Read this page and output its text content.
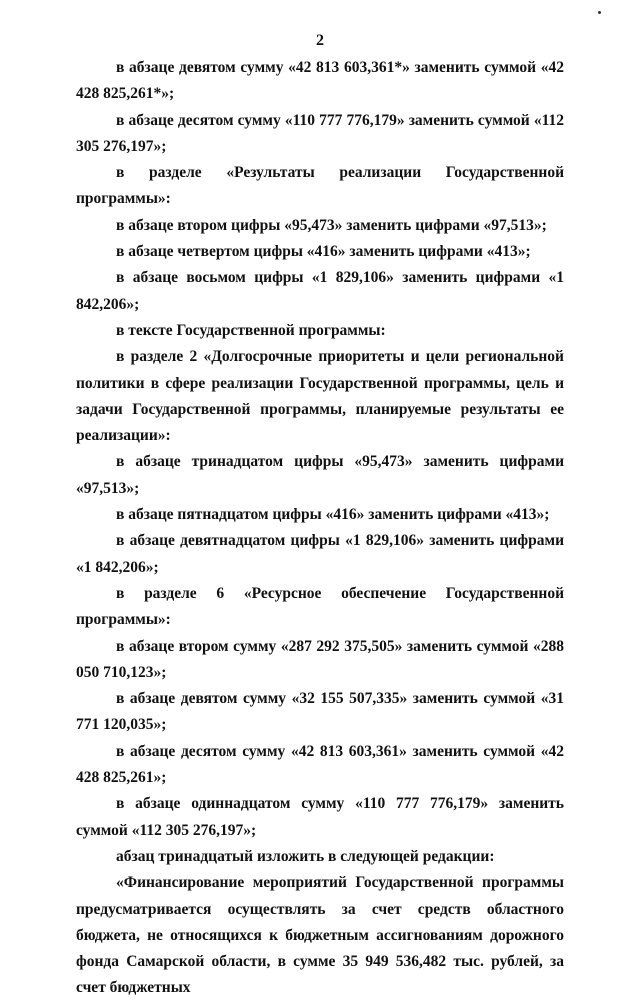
2

в абзаце девятом сумму «42 813 603,361*» заменить суммой «42 428 825,261*»;

в абзаце десятом сумму «110 777 776,179» заменить суммой «112 305 276,197»;

в разделе «Результаты реализации Государственной программы»:

в абзаце втором цифры «95,473» заменить цифрами «97,513»;

в абзаце четвертом цифры «416» заменить цифрами «413»;

в абзаце восьмом цифры «1 829,106» заменить цифрами «1 842,206»;

в тексте Государственной программы:

в разделе 2 «Долгосрочные приоритеты и цели региональной политики в сфере реализации Государственной программы, цель и задачи Государственной программы, планируемые результаты ее реализации»:

в абзаце тринадцатом цифры «95,473» заменить цифрами «97,513»;

в абзаце пятнадцатом цифры «416» заменить цифрами «413»;

в абзаце девятнадцатом цифры «1 829,106» заменить цифрами «1 842,206»;

в разделе 6 «Ресурсное обеспечение Государственной программы»:

в абзаце втором сумму «287 292 375,505» заменить суммой «288 050 710,123»;

в абзаце девятом сумму «32 155 507,335» заменить суммой «31 771 120,035»;

в абзаце десятом сумму «42 813 603,361» заменить суммой «42 428 825,261»;

в абзаце одиннадцатом сумму «110 777 776,179» заменить суммой «112 305 276,197»;

абзац тринадцатый изложить в следующей редакции:

«Финансирование мероприятий Государственной программы предусматривается осуществлять за счет средств областного бюджета, не относящихся к бюджетным ассигнованиям дорожного фонда Самарской области, в сумме 35 949 536,482 тыс. рублей, за счет бюджетных
